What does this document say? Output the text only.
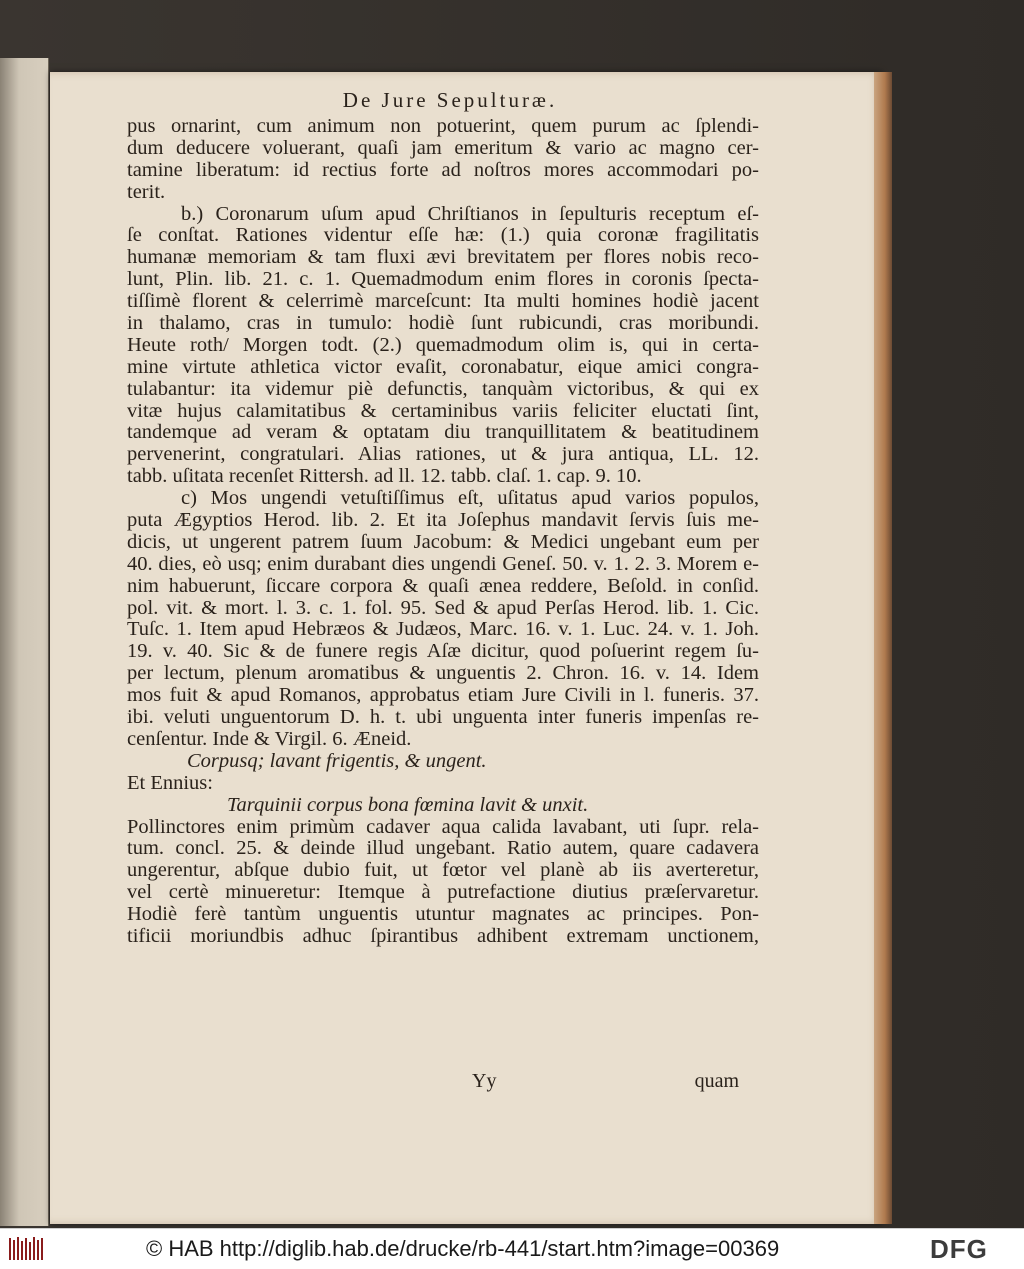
De Jure Sepulturæ.
pus ornarint, cum animum non potuerint, quem purum ac ſplendi-
dum deducere voluerant, quaſi jam emeritum & vario ac magno cer-
tamine liberatum: id rectius forte ad noſtros mores accommodari po-
terit.
b.) Coronarum uſum apud Chriſtianos in ſepulturis receptum eſ-
ſe conſtat. Rationes videntur eſſe hæ: (1.) quia coronæ fragilitatis
humanæ memoriam & tam fluxi ævi brevitatem per flores nobis reco-
lunt, Plin. lib. 21. c. 1. Quemadmodum enim flores in coronis ſpecta-
tiſſimè florent & celerrimè marceſcunt: Ita multi homines hodiè jacent
in thalamo, cras in tumulo: hodiè ſunt rubicundi, cras moribundi.
Heute roth/ Morgen todt. (2.) quemadmodum olim is, qui in certa-
mine virtute athletica victor evaſit, coronabatur, eique amici congra-
tulabantur: ita videmur piè defunctis, tanquàm victoribus, & qui ex
vitæ hujus calamitatibus & certaminibus variis feliciter eluctati ſint,
tandemque ad veram & optatam diu tranquillitatem & beatitudinem
pervenerint, congratulari. Alias rationes, ut & jura antiqua, LL. 12.
tabb. uſitata recenſet Rittersh. ad ll. 12. tabb. claſ. 1. cap. 9. 10.
c) Mos ungendi vetuſtiſſimus eſt, uſitatus apud varios populos,
puta Ægyptios Herod. lib. 2. Et ita Joſephus mandavit ſervis ſuis me-
dicis, ut ungerent patrem ſuum Jacobum: & Medici ungebant eum per
40. dies, eò usq; enim durabant dies ungendi Geneſ. 50. v. 1. 2. 3. Morem e-
nim habuerunt, ſiccare corpora & quaſi ænea reddere, Beſold. in conſid.
pol. vit. & mort. l. 3. c. 1. fol. 95. Sed & apud Perſas Herod. lib. 1. Cic.
Tuſc. 1. Item apud Hebræos & Judæos, Marc. 16. v. 1. Luc. 24. v. 1. Joh.
19. v. 40. Sic & de funere regis Aſæ dicitur, quod poſuerint regem ſu-
per lectum, plenum aromatibus & unguentis 2. Chron. 16. v. 14. Idem
mos fuit & apud Romanos, approbatus etiam Jure Civili in l. funeris. 37.
ibi. veluti unguentorum D. h. t. ubi unguenta inter funeris impenſas re-
cenſentur. Inde & Virgil. 6. Æneid.
Corpusq; lavant frigentis, & ungent.
Et Ennius:
Tarquinii corpus bona fœmina lavit & unxit.
Pollinctores enim primùm cadaver aqua calida lavabant, uti ſupr. rela-
tum. concl. 25. & deinde illud ungebant. Ratio autem, quare cadavera
ungerentur, abſque dubio fuit, ut fœtor vel planè ab iis averteretur,
vel certè minueretur: Itemque à putrefactione diutius præſervaretur.
Hodiè ferè tantùm unguentis utuntur magnates ac principes. Pon-
tificii moriundbis adhuc ſpirantibus adhibent extremam unctionem,
Yy	quam
© HAB http://diglib.hab.de/drucke/rb-441/start.htm?image=00369	DFG
